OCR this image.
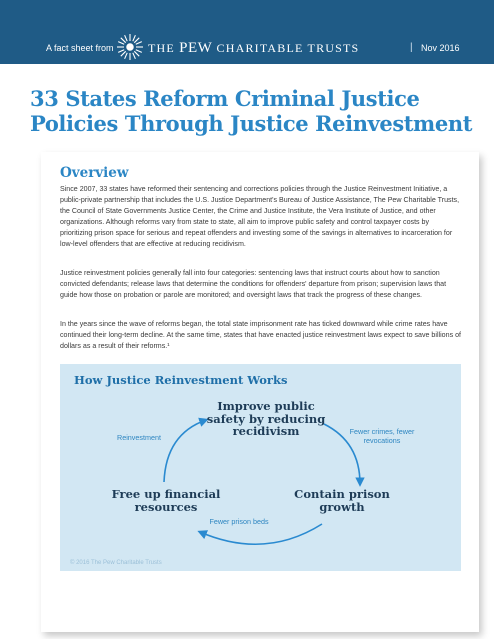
A fact sheet from	THE PEW CHARITABLE TRUSTS	| Nov 2016
33 States Reform Criminal Justice
Policies Through Justice Reinvestment
Overview

Since 2007, 33 states have reformed their sentencing and corrections policies through the Justice Reinvestment Initiative, a public-private partnership that includes the U.S. Justice Department's Bureau of Justice Assistance, The Pew Charitable Trusts, the Council of State Governments Justice Center, the Crime and Justice Institute, the Vera Institute of Justice, and other organizations. Although reforms vary from state to state, all aim to improve public safety and control taxpayer costs by prioritizing prison space for serious and repeat offenders and investing some of the savings in alternatives to incarceration for low-level offenders that are effective at reducing recidivism.

Justice reinvestment policies generally fall into four categories: sentencing laws that instruct courts about how to sanction convicted defendants; release laws that determine the conditions for offenders' departure from prison; supervision laws that guide how those on probation or parole are monitored; and oversight laws that track the progress of these changes.

In the years since the wave of reforms began, the total state imprisonment rate has ticked downward while crime rates have continued their long-term decline. At the same time, states that have enacted justice reinvestment laws expect to save billions of dollars as a result of their reforms.¹

How Justice Reinvestment Works
Improve public safety by reducing recidivism
Contain prison growth
Free up financial resources
Reinvestment
Fewer crimes, fewer revocations
Fewer prison beds
© 2016 The Pew Charitable Trusts
